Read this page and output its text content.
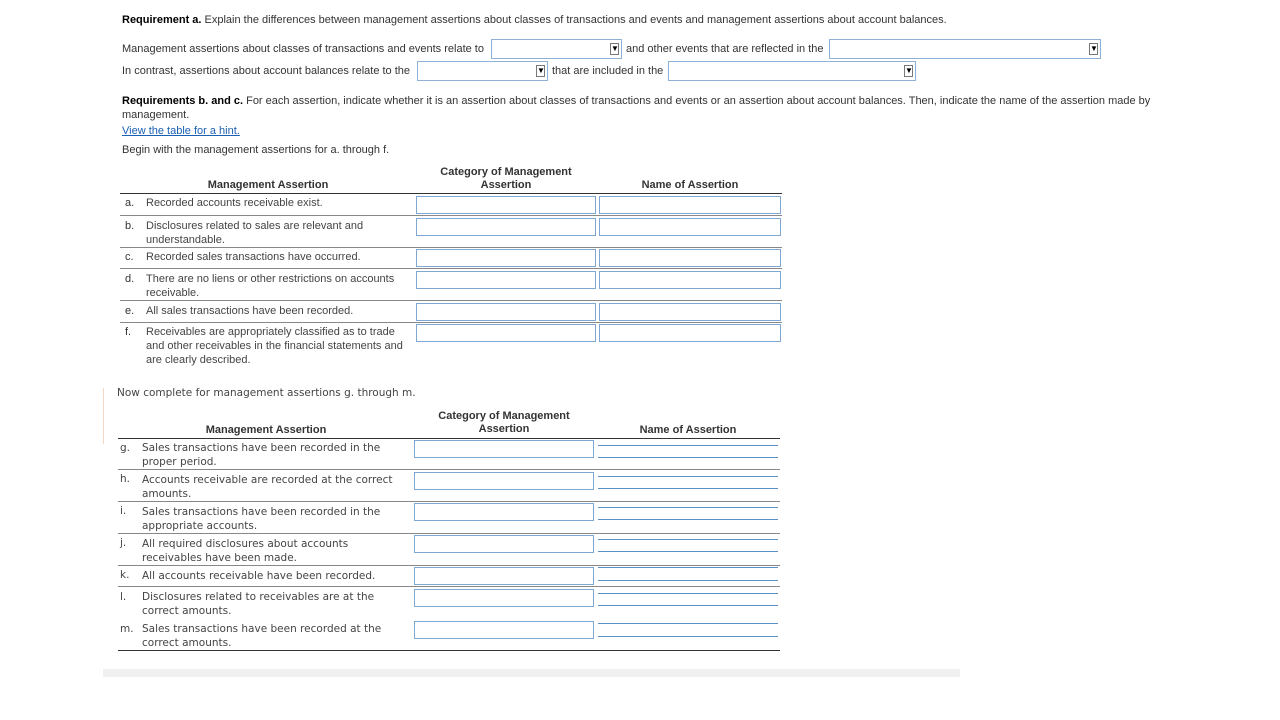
Requirement a. Explain the differences between management assertions about classes of transactions and events and management assertions about account balances.
Management assertions about classes of transactions and events relate to	▼ and other events that are reflected in the	▼
In contrast, assertions about account balances relate to the	▼ that are included in the	▼
Requirements b. and c. For each assertion, indicate whether it is an assertion about classes of transactions and events or an assertion about account balances. Then, indicate the name of the assertion made by management.
View the table for a hint.
Begin with the management assertions for a. through f.
Management Assertion
Category of Management Assertion	Name of Assertion
a. Recorded accounts receivable exist.
b. Disclosures related to sales are relevant and understandable.
c. Recorded sales transactions have occurred.
d. There are no liens or other restrictions on accounts receivable.
e. All sales transactions have been recorded.
f. Receivables are appropriately classified as to trade and other receivables in the financial statements and are clearly described.
Now complete for management assertions g. through m.
Management Assertion
Category of Management Assertion	Name of Assertion
g. Sales transactions have been recorded in the proper period.
h. Accounts receivable are recorded at the correct amounts.
i. Sales transactions have been recorded in the appropriate accounts.
j. All required disclosures about accounts receivables have been made.
k. All accounts receivable have been recorded.
l. Disclosures related to receivables are at the correct amounts.
m. Sales transactions have been recorded at the correct amounts.
